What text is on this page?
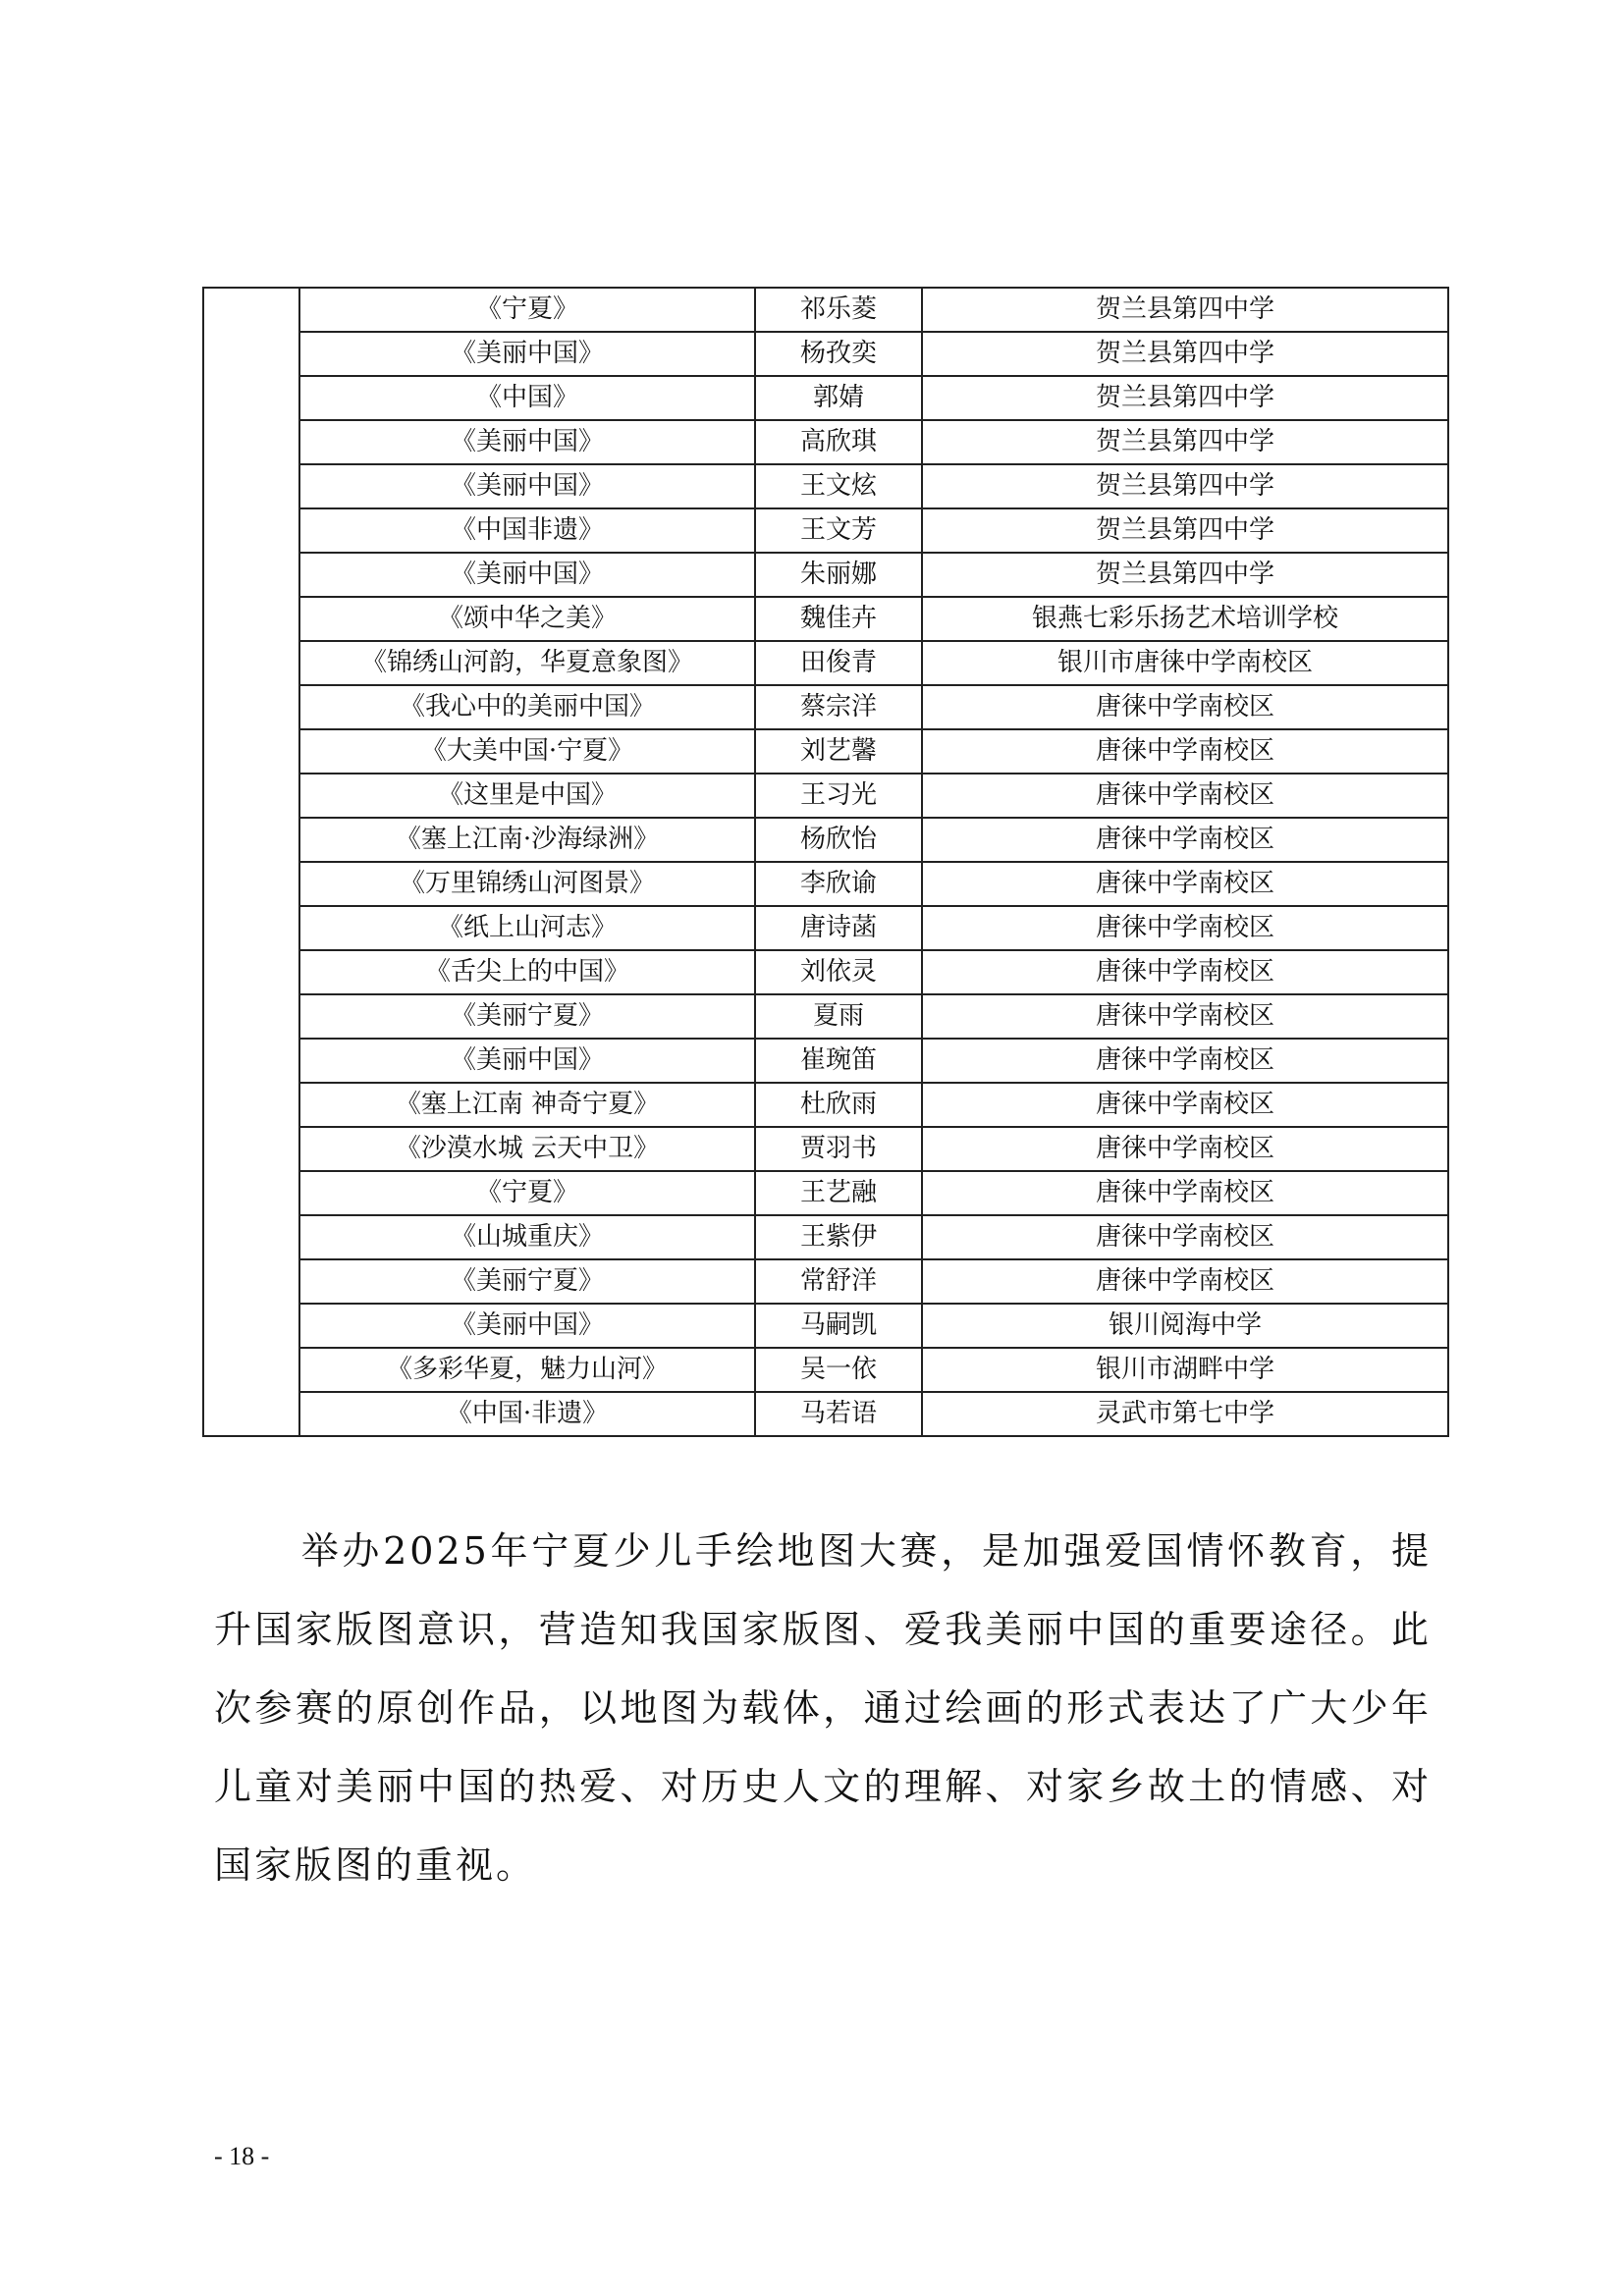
	《宁夏》	祁乐菱	贺兰县第四中学
	《美丽中国》	杨孜奕	贺兰县第四中学
	《中国》	郭婧	贺兰县第四中学
	《美丽中国》	高欣琪	贺兰县第四中学
	《美丽中国》	王文炫	贺兰县第四中学
	《中国非遗》	王文芳	贺兰县第四中学
	《美丽中国》	朱丽娜	贺兰县第四中学
	《颂中华之美》	魏佳卉	银燕七彩乐扬艺术培训学校
	《锦绣山河韵，华夏意象图》	田俊青	银川市唐徕中学南校区
	《我心中的美丽中国》	蔡宗洋	唐徕中学南校区
	《大美中国·宁夏》	刘艺馨	唐徕中学南校区
	《这里是中国》	王习光	唐徕中学南校区
	《塞上江南·沙海绿洲》	杨欣怡	唐徕中学南校区
	《万里锦绣山河图景》	李欣谕	唐徕中学南校区
	《纸上山河志》	唐诗菡	唐徕中学南校区
	《舌尖上的中国》	刘依灵	唐徕中学南校区
	《美丽宁夏》	夏雨	唐徕中学南校区
	《美丽中国》	崔琬笛	唐徕中学南校区
	《塞上江南 神奇宁夏》	杜欣雨	唐徕中学南校区
	《沙漠水城 云天中卫》	贾羽书	唐徕中学南校区
	《宁夏》	王艺融	唐徕中学南校区
	《山城重庆》	王紫伊	唐徕中学南校区
	《美丽宁夏》	常舒洋	唐徕中学南校区
	《美丽中国》	马嗣凯	银川阅海中学
	《多彩华夏，魅力山河》	吴一依	银川市湖畔中学
	《中国·非遗》	马若语	灵武市第七中学

举办2025年宁夏少儿手绘地图大赛，是加强爱国情怀教育，提升国家版图意识，营造知我国家版图、爱我美丽中国的重要途径。此次参赛的原创作品，以地图为载体，通过绘画的形式表达了广大少年儿童对美丽中国的热爱、对历史人文的理解、对家乡故土的情感、对国家版图的重视。

- 18 -
